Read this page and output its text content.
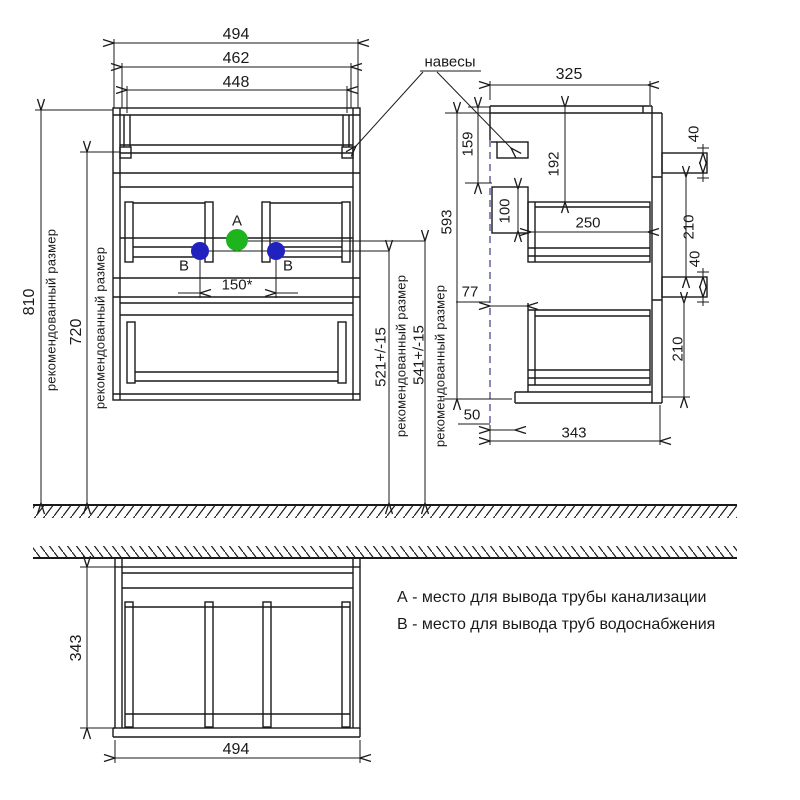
494
462
448
навесы
810 рекомендованный размер 720 рекомендованный размер
А
В	В
150*
521+/-15 рекомендованный размер 541+/-15 рекомендованный размер
325
159
593
192
100	250
77
50
343
40
210
40
210
343
494
А - место для вывода трубы канализации
В - место для вывода труб водоснабжения
